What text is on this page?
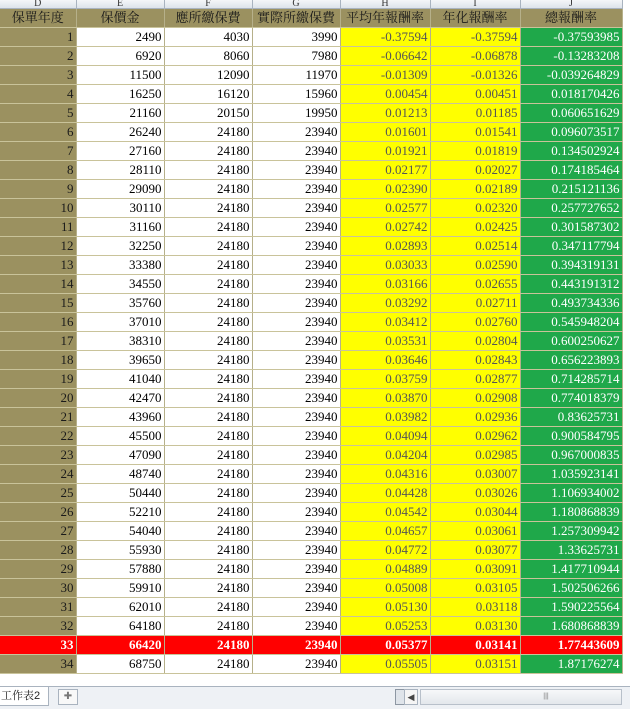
D	E	F	G	H	I	J
保單年度	保價金	應所繳保費	實際所繳保費	平均年報酬率	年化報酬率	總報酬率
1	2490	4030	3990	-0.37594	-0.37594	-0.37593985
2	6920	8060	7980	-0.06642	-0.06878	-0.13283208
3	11500	12090	11970	-0.01309	-0.01326	-0.039264829
4	16250	16120	15960	0.00454	0.00451	0.018170426
5	21160	20150	19950	0.01213	0.01185	0.060651629
6	26240	24180	23940	0.01601	0.01541	0.096073517
7	27160	24180	23940	0.01921	0.01819	0.134502924
8	28110	24180	23940	0.02177	0.02027	0.174185464
9	29090	24180	23940	0.02390	0.02189	0.215121136
10	30110	24180	23940	0.02577	0.02320	0.257727652
11	31160	24180	23940	0.02742	0.02425	0.301587302
12	32250	24180	23940	0.02893	0.02514	0.347117794
13	33380	24180	23940	0.03033	0.02590	0.394319131
14	34550	24180	23940	0.03166	0.02655	0.443191312
15	35760	24180	23940	0.03292	0.02711	0.493734336
16	37010	24180	23940	0.03412	0.02760	0.545948204
17	38310	24180	23940	0.03531	0.02804	0.600250627
18	39650	24180	23940	0.03646	0.02843	0.656223893
19	41040	24180	23940	0.03759	0.02877	0.714285714
20	42470	24180	23940	0.03870	0.02908	0.774018379
21	43960	24180	23940	0.03982	0.02936	0.83625731
22	45500	24180	23940	0.04094	0.02962	0.900584795
23	47090	24180	23940	0.04204	0.02985	0.967000835
24	48740	24180	23940	0.04316	0.03007	1.035923141
25	50440	24180	23940	0.04428	0.03026	1.106934002
26	52210	24180	23940	0.04542	0.03044	1.180868839
27	54040	24180	23940	0.04657	0.03061	1.257309942
28	55930	24180	23940	0.04772	0.03077	1.33625731
29	57880	24180	23940	0.04889	0.03091	1.417710944
30	59910	24180	23940	0.05008	0.03105	1.502506266
31	62010	24180	23940	0.05130	0.03118	1.590225564
32	64180	24180	23940	0.05253	0.03130	1.680868839
33	66420	24180	23940	0.05377	0.03141	1.77443609
34	68750	24180	23940	0.05505	0.03151	1.87176274
工作表2	✚	◀	|||
